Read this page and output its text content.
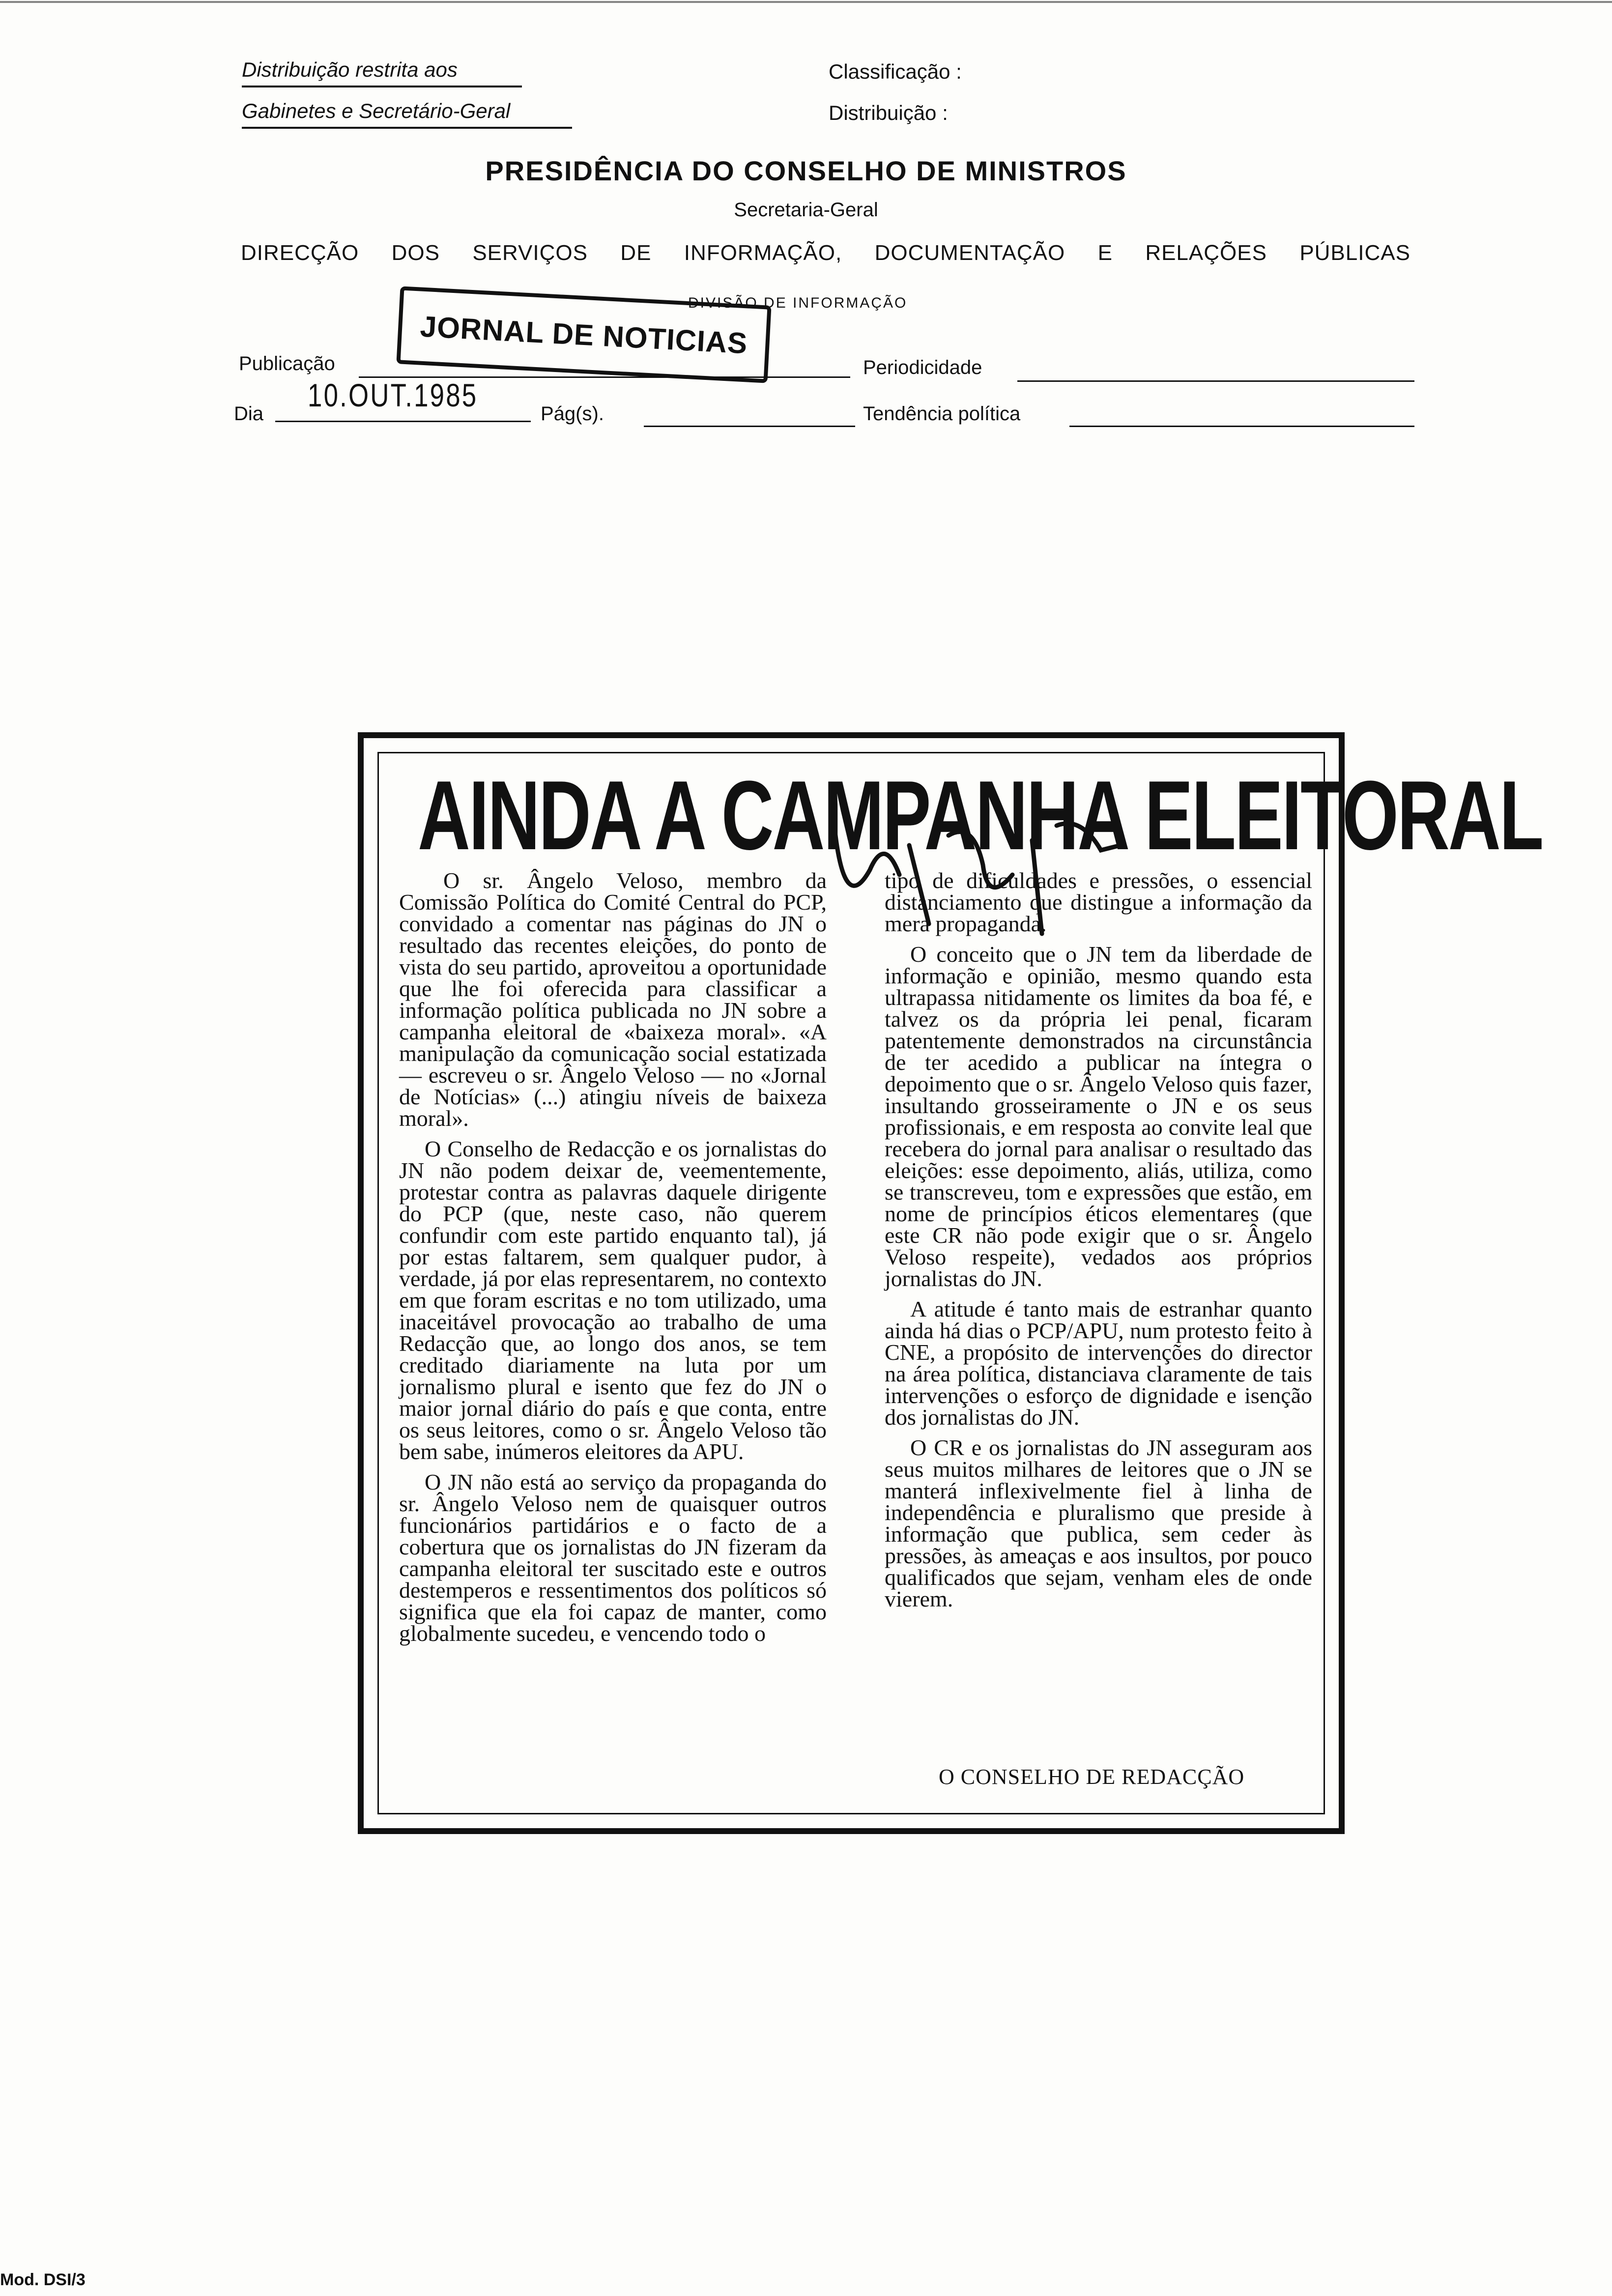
Distribuição restrita aos
Gabinetes e Secretário-Geral
Classificação :
Distribuição :
PRESIDÊNCIA DO CONSELHO DE MINISTROS
Secretaria-Geral
DIRECÇÃO DOS SERVIÇOS DE INFORMAÇÃO, DOCUMENTAÇÃO E RELAÇÕES PÚBLICAS
DIVISÃO DE INFORMAÇÃO
Publicação
JORNAL DE NOTICIAS
Periodicidade
Dia
10.OUT.1985
Pág(s).	Tendência política
AINDA A CAMPANHA ELEITORAL

O sr. Ângelo Veloso, membro da Comissão Política do Comité Central do PCP, convidado a comentar nas páginas do JN o resultado das recentes eleições, do ponto de vista do seu partido, aproveitou a oportunidade que lhe foi oferecida para classificar a informação política publicada no JN sobre a campanha eleitoral de «baixeza moral». «A manipulação da comunicação social estatizada — escreveu o sr. Ângelo Veloso — no «Jornal de Notícias» (...) atingiu níveis de baixeza moral».

O Conselho de Redacção e os jornalistas do JN não podem deixar de, veementemente, protestar contra as palavras daquele dirigente do PCP (que, neste caso, não querem confundir com este partido enquanto tal), já por estas faltarem, sem qualquer pudor, à verdade, já por elas representarem, no contexto em que foram escritas e no tom utilizado, uma inaceitável provocação ao trabalho de uma Redacção que, ao longo dos anos, se tem creditado diariamente na luta por um jornalismo plural e isento que fez do JN o maior jornal diário do país e que conta, entre os seus leitores, como o sr. Ângelo Veloso tão bem sabe, inúmeros eleitores da APU.

O JN não está ao serviço da propaganda do sr. Ângelo Veloso nem de quaisquer outros funcionários partidários e o facto de a cobertura que os jornalistas do JN fizeram da campanha eleitoral ter suscitado este e outros destemperos e ressentimentos dos políticos só significa que ela foi capaz de manter, como globalmente sucedeu, e vencendo todo o

tipo de dificuldades e pressões, o essencial distanciamento que distingue a informação da mera propaganda.

O conceito que o JN tem da liberdade de informação e opinião, mesmo quando esta ultrapassa nitidamente os limites da boa fé, e talvez os da própria lei penal, ficaram patentemente demonstrados na circunstância de ter acedido a publicar na íntegra o depoimento que o sr. Ângelo Veloso quis fazer, insultando grosseiramente o JN e os seus profissionais, e em resposta ao convite leal que recebera do jornal para analisar o resultado das eleições: esse depoimento, aliás, utiliza, como se transcreveu, tom e expressões que estão, em nome de princípios éticos elementares (que este CR não pode exigir que o sr. Ângelo Veloso respeite), vedados aos próprios jornalistas do JN.

A atitude é tanto mais de estranhar quanto ainda há dias o PCP/APU, num protesto feito à CNE, a propósito de intervenções do director na área política, distanciava claramente de tais intervenções o esforço de dignidade e isenção dos jornalistas do JN.

O CR e os jornalistas do JN asseguram aos seus muitos milhares de leitores que o JN se manterá inflexivelmente fiel à linha de independência e pluralismo que preside à informação que publica, sem ceder às pressões, às ameaças e aos insultos, por pouco qualificados que sejam, venham eles de onde vierem.

O CONSELHO DE REDACÇÃO
Mod. DSI/3
